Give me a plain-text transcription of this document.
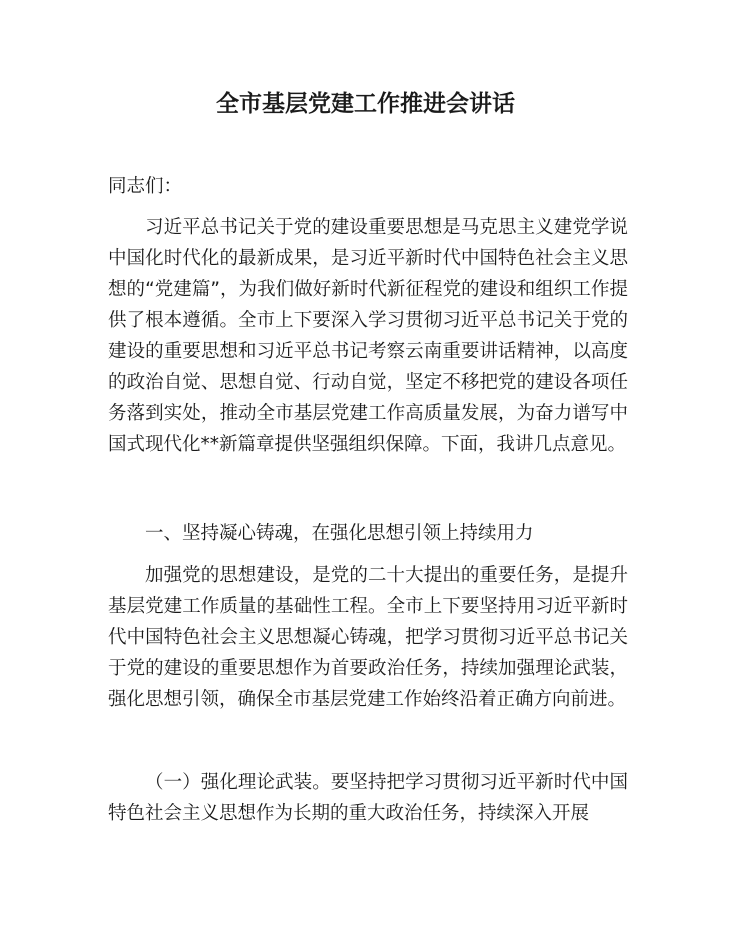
全市基层党建工作推进会讲话

同志们：

习近平总书记关于党的建设重要思想是马克思主义建党学说中国化时代化的最新成果，是习近平新时代中国特色社会主义思想的“党建篇”，为我们做好新时代新征程党的建设和组织工作提供了根本遵循。全市上下要深入学习贯彻习近平总书记关于党的建设的重要思想和习近平总书记考察云南重要讲话精神，以高度的政治自觉、思想自觉、行动自觉，坚定不移把党的建设各项任务落到实处，推动全市基层党建工作高质量发展，为奋力谱写中国式现代化**新篇章提供坚强组织保障。下面，我讲几点意见。

一、坚持凝心铸魂，在强化思想引领上持续用力

加强党的思想建设，是党的二十大提出的重要任务，是提升基层党建工作质量的基础性工程。全市上下要坚持用习近平新时代中国特色社会主义思想凝心铸魂，把学习贯彻习近平总书记关于党的建设的重要思想作为首要政治任务，持续加强理论武装，强化思想引领，确保全市基层党建工作始终沿着正确方向前进。

（一）强化理论武装。要坚持把学习贯彻习近平新时代中国特色社会主义思想作为长期的重大政治任务，持续深入开展
